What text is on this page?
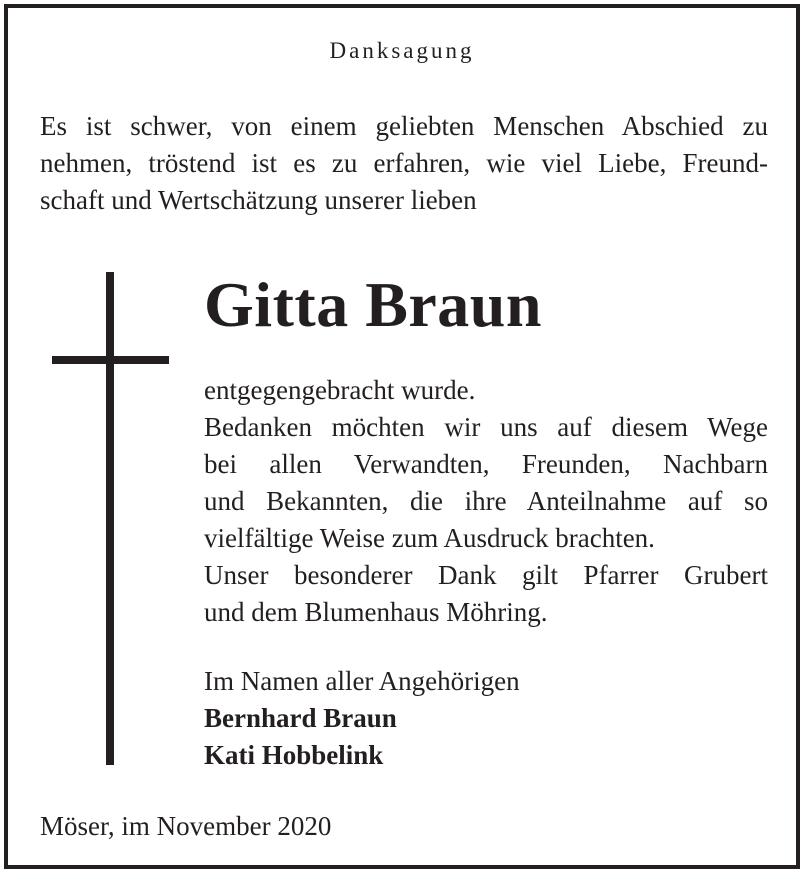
Danksagung
Es ist schwer, von einem geliebten Menschen Abschied zu
nehmen, tröstend ist es zu erfahren, wie viel Liebe, Freund-
schaft und Wertschätzung unserer lieben
Gitta Braun
entgegengebracht wurde.
Bedanken möchten wir uns auf diesem Wege
bei allen Verwandten, Freunden, Nachbarn
und Bekannten, die ihre Anteilnahme auf so
vielfältige Weise zum Ausdruck brachten.
Unser besonderer Dank gilt Pfarrer Grubert
und dem Blumenhaus Möhring.
Im Namen aller Angehörigen
Bernhard Braun
Kati Hobbelink
Möser, im November 2020
